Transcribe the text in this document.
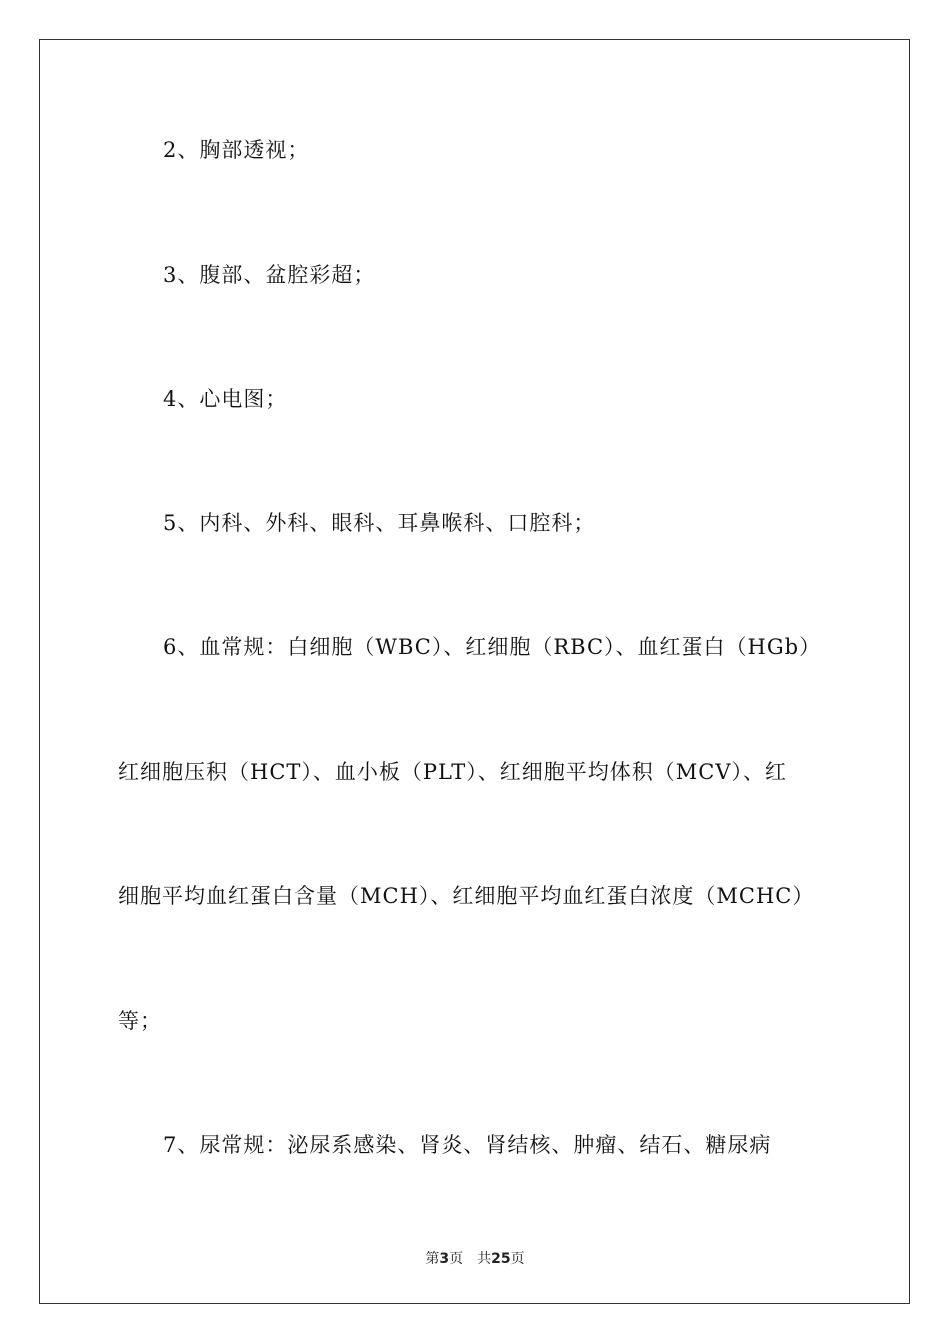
2、胸部透视；
3、腹部、盆腔彩超；
4、心电图；
5、内科、外科、眼科、耳鼻喉科、口腔科；
6、血常规：白细胞（WBC）、红细胞（RBC）、血红蛋白（HGb）
红细胞压积（HCT）、血小板（PLT）、红细胞平均体积（MCV）、红
细胞平均血红蛋白含量（MCH）、红细胞平均血红蛋白浓度（MCHC）
等；
7、尿常规：泌尿系感染、肾炎、肾结核、肿瘤、结石、糖尿病
第3页 共25页
